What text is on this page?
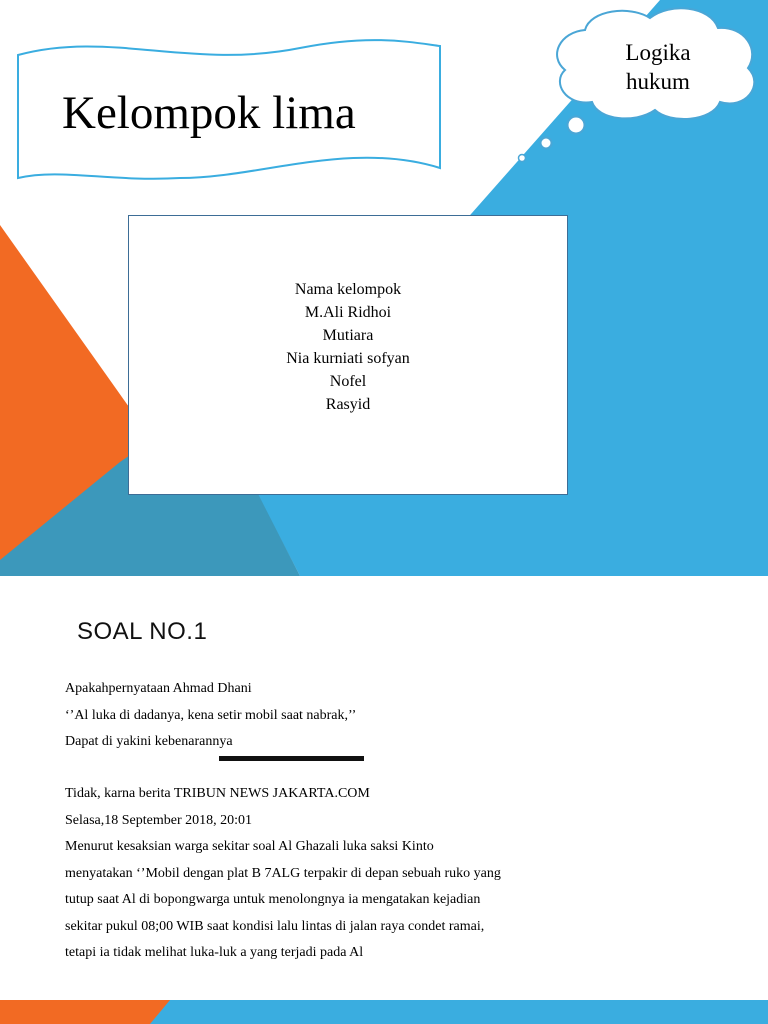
Kelompok lima
Logika
hukum
Nama kelompok
M.Ali Ridhoi
Mutiara
Nia kurniati sofyan
Nofel
Rasyid
SOAL NO.1
Apakahpernyataan Ahmad Dhani
‘’Al luka di dadanya, kena setir mobil saat nabrak,’’
Dapat di yakini kebenarannya
Tidak, karna berita TRIBUN NEWS JAKARTA.COM
Selasa,18 September 2018, 20:01
Menurut kesaksian warga sekitar soal Al Ghazali luka saksi Kinto
menyatakan ‘’Mobil dengan plat B 7ALG terpakir di depan sebuah ruko yang
tutup saat Al di bopongwarga untuk menolongnya ia mengatakan kejadian
sekitar pukul 08;00 WIB saat kondisi lalu lintas di jalan raya condet ramai,
tetapi ia tidak melihat luka-luk a yang terjadi pada Al
